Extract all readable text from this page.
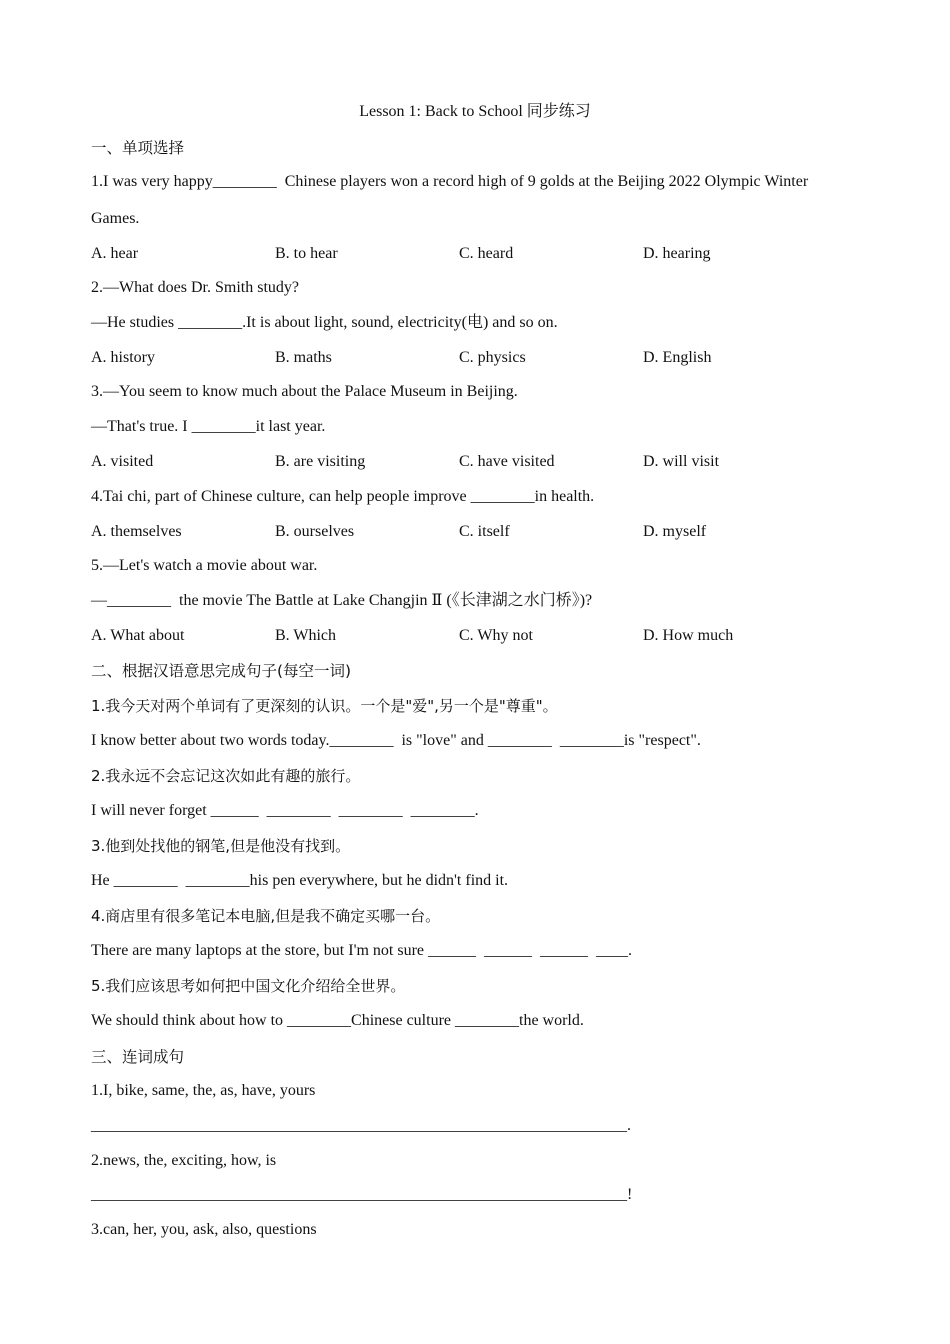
Lesson 1: Back to School 同步练习
一、单项选择
1.I was very happy________  Chinese players won a record high of 9 golds at the Beijing 2022 Olympic Winter
Games.
A. hear	B. to hear	C. heard	D. hearing
2.—What does Dr. Smith study?
—He studies ________.It is about light, sound, electricity(电) and so on.
A. history	B. maths	C. physics	D. English
3.—You seem to know much about the Palace Museum in Beijing.
—That's true. I ________it last year.
A. visited	B. are visiting	C. have visited	D. will visit
4.Tai chi, part of Chinese culture, can help people improve ________in health.
A. themselves	B. ourselves	C. itself	D. myself
5.—Let's watch a movie about war.
—________  the movie The Battle at Lake Changjin Ⅱ (《长津湖之水门桥》)?
A. What about	B. Which	C. Why not	D. How much
二、根据汉语意思完成句子(每空一词)
1.我今天对两个单词有了更深刻的认识。一个是"爱",另一个是"尊重"。
I know better about two words today.________  is "love" and ________  ________is "respect".
2.我永远不会忘记这次如此有趣的旅行。
I will never forget ______  ________  ________  ________.
3.他到处找他的钢笔,但是他没有找到。
He ________  ________his pen everywhere, but he didn't find it.
4.商店里有很多笔记本电脑,但是我不确定买哪一台。
There are many laptops at the store, but I'm not sure ______  ______  ______  ____.
5.我们应该思考如何把中国文化介绍给全世界。
We should think about how to ________Chinese culture ________the world.
三、连词成句
1.I, bike, same, the, as, have, yours
___________________________________________________________________.
2.news, the, exciting, how, is
___________________________________________________________________!
3.can, her, you, ask, also, questions
